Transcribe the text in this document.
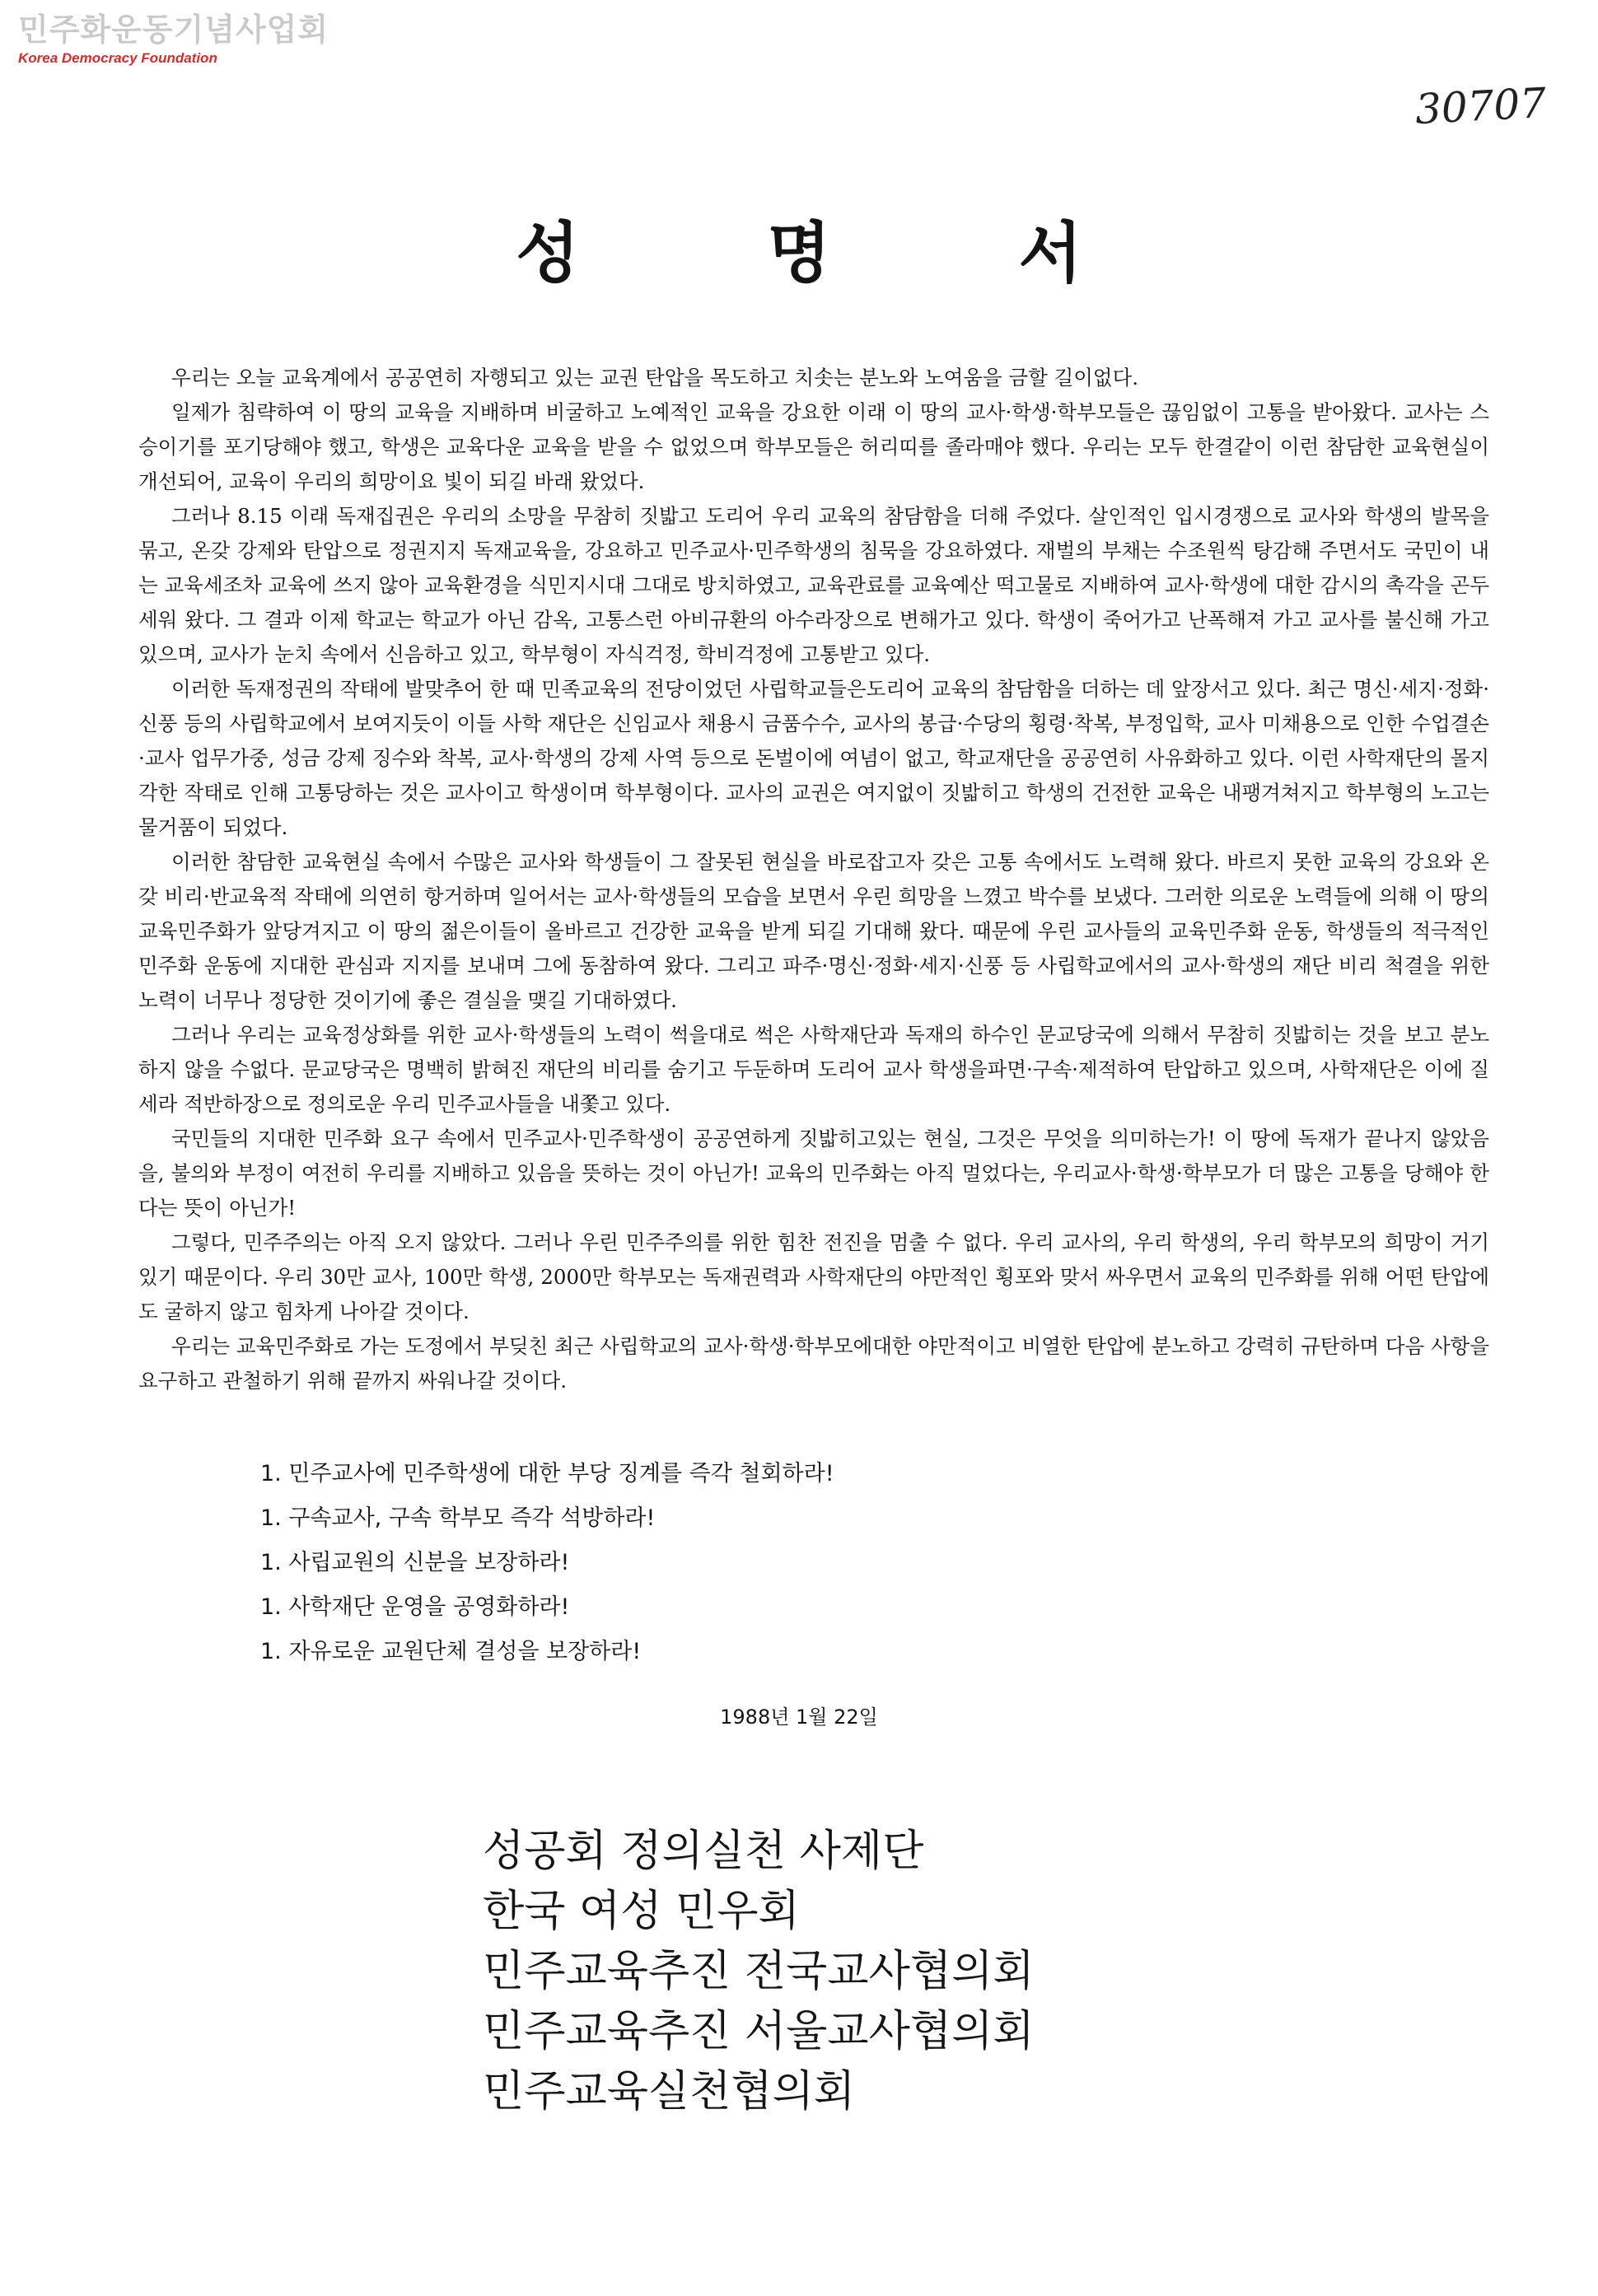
민주화운동기념사업회
Korea Democracy Foundation
30707
성 명 서

우리는 오늘 교육계에서 공공연히 자행되고 있는 교권 탄압을 목도하고 치솟는 분노와 노여움을 금할 길이없다.

일제가 침략하여 이 땅의 교육을 지배하며 비굴하고 노예적인 교육을 강요한 이래 이 땅의 교사·학생·학부모들은 끊임없이 고통을 받아왔다. 교사는 스승이기를 포기당해야 했고, 학생은 교육다운 교육을 받을 수 없었으며 학부모들은 허리띠를 졸라매야 했다. 우리는 모두 한결같이 이런 참담한 교육현실이 개선되어, 교육이 우리의 희망이요 빛이 되길 바래 왔었다.

그러나 8.15 이래 독재집권은 우리의 소망을 무참히 짓밟고 도리어 우리 교육의 참담함을 더해 주었다. 살인적인 입시경쟁으로 교사와 학생의 발목을 묶고, 온갖 강제와 탄압으로 정권지지 독재교육을, 강요하고 민주교사·민주학생의 침묵을 강요하였다. 재벌의 부채는 수조원씩 탕감해 주면서도 국민이 내는 교육세조차 교육에 쓰지 않아 교육환경을 식민지시대 그대로 방치하였고, 교육관료를 교육예산 떡고물로 지배하여 교사·학생에 대한 감시의 촉각을 곤두세워 왔다. 그 결과 이제 학교는 학교가 아닌 감옥, 고통스런 아비규환의 아수라장으로 변해가고 있다. 학생이 죽어가고 난폭해져 가고 교사를 불신해 가고 있으며, 교사가 눈치 속에서 신음하고 있고, 학부형이 자식걱정, 학비걱정에 고통받고 있다.

이러한 독재정권의 작태에 발맞추어 한 때 민족교육의 전당이었던 사립학교들은도리어 교육의 참담함을 더하는 데 앞장서고 있다. 최근 명신·세지·정화·신풍 등의 사립학교에서 보여지듯이 이들 사학 재단은 신임교사 채용시 금품수수, 교사의 봉급·수당의 횡령·착복, 부정입학, 교사 미채용으로 인한 수업결손·교사 업무가중, 성금 강제 징수와 착복, 교사·학생의 강제 사역 등으로 돈벌이에 여념이 없고, 학교재단을 공공연히 사유화하고 있다. 이런 사학재단의 몰지각한 작태로 인해 고통당하는 것은 교사이고 학생이며 학부형이다. 교사의 교권은 여지없이 짓밟히고 학생의 건전한 교육은 내팽겨쳐지고 학부형의 노고는 물거품이 되었다.

이러한 참담한 교육현실 속에서 수많은 교사와 학생들이 그 잘못된 현실을 바로잡고자 갖은 고통 속에서도 노력해 왔다. 바르지 못한 교육의 강요와 온갖 비리·반교육적 작태에 의연히 항거하며 일어서는 교사·학생들의 모습을 보면서 우린 희망을 느꼈고 박수를 보냈다. 그러한 의로운 노력들에 의해 이 땅의 교육민주화가 앞당겨지고 이 땅의 젊은이들이 올바르고 건강한 교육을 받게 되길 기대해 왔다. 때문에 우린 교사들의 교육민주화 운동, 학생들의 적극적인 민주화 운동에 지대한 관심과 지지를 보내며 그에 동참하여 왔다. 그리고 파주·명신·정화·세지·신풍 등 사립학교에서의 교사·학생의 재단 비리 척결을 위한 노력이 너무나 정당한 것이기에 좋은 결실을 맺길 기대하였다.

그러나 우리는 교육정상화를 위한 교사·학생들의 노력이 썩을대로 썩은 사학재단과 독재의 하수인 문교당국에 의해서 무참히 짓밟히는 것을 보고 분노하지 않을 수없다. 문교당국은 명백히 밝혀진 재단의 비리를 숨기고 두둔하며 도리어 교사 학생을파면·구속·제적하여 탄압하고 있으며, 사학재단은 이에 질세라 적반하장으로 정의로운 우리 민주교사들을 내쫓고 있다.

국민들의 지대한 민주화 요구 속에서 민주교사·민주학생이 공공연하게 짓밟히고있는 현실, 그것은 무엇을 의미하는가! 이 땅에 독재가 끝나지 않았음을, 불의와 부정이 여전히 우리를 지배하고 있음을 뜻하는 것이 아닌가! 교육의 민주화는 아직 멀었다는, 우리교사·학생·학부모가 더 많은 고통을 당해야 한다는 뜻이 아닌가!

그렇다, 민주주의는 아직 오지 않았다. 그러나 우린 민주주의를 위한 힘찬 전진을 멈출 수 없다. 우리 교사의, 우리 학생의, 우리 학부모의 희망이 거기 있기 때문이다. 우리 30만 교사, 100만 학생, 2000만 학부모는 독재권력과 사학재단의 야만적인 횡포와 맞서 싸우면서 교육의 민주화를 위해 어떤 탄압에도 굴하지 않고 힘차게 나아갈 것이다.

우리는 교육민주화로 가는 도정에서 부딪친 최근 사립학교의 교사·학생·학부모에대한 야만적이고 비열한 탄압에 분노하고 강력히 규탄하며 다음 사항을 요구하고 관철하기 위해 끝까지 싸워나갈 것이다.

1. 민주교사에 민주학생에 대한 부당 징계를 즉각 철회하라!
1. 구속교사, 구속 학부모 즉각 석방하라!
1. 사립교원의 신분을 보장하라!
1. 사학재단 운영을 공영화하라!
1. 자유로운 교원단체 결성을 보장하라!
1988년 1월 22일
성공회 정의실천 사제단
한국 여성 민우회
민주교육추진 전국교사협의회
민주교육추진 서울교사협의회
민주교육실천협의회
